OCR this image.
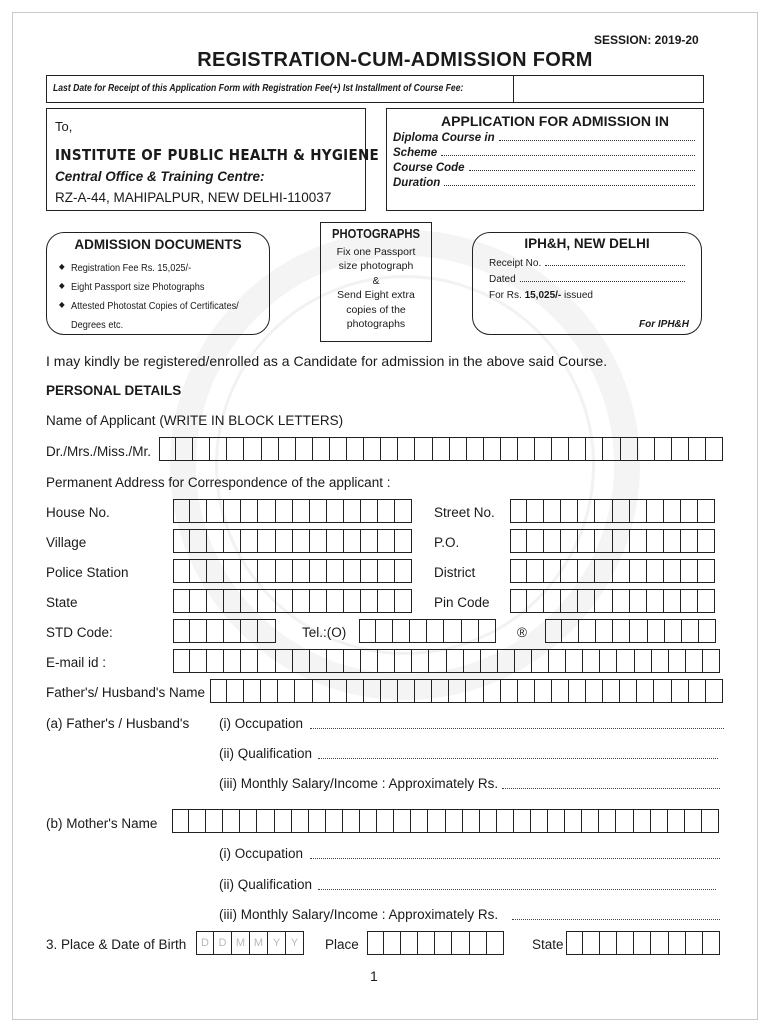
SESSION: 2019-20
REGISTRATION-CUM-ADMISSION FORM
Last Date for Receipt of this Application Form with Registration Fee(+) Ist Installment of Course Fee:
To,
INSTITUTE OF PUBLIC HEALTH & HYGIENE
Central Office & Training Centre:
RZ-A-44, MAHIPALPUR, NEW DELHI-110037
APPLICATION FOR ADMISSION IN
Diploma Course in
Scheme
Course Code
Duration
ADMISSION DOCUMENTS
◆ Registration Fee Rs. 15,025/-
◆ Eight Passport size Photographs
◆ Attested Photostat Copies of Certificates/
Degrees etc.
PHOTOGRAPHS
Fix one Passport
size photograph
&
Send Eight extra
copies of the
photographs
IPH&H, NEW DELHI
Receipt No.
Dated
For Rs.
15,025/-
issued
For IPH&H
I may kindly be registered/enrolled as a Candidate for admission in the above said Course.
PERSONAL DETAILS
Name of Applicant (WRITE IN BLOCK LETTERS)
Dr./Mrs./Miss./Mr.
Permanent Address for Correspondence of the applicant :
House No.	Street No.
Village	P.O.
Police Station	District
State	Pin Code
STD Code:	Tel.:(O)	®
E-mail id :
Father's/ Husband's Name
(a) Father's / Husband's (i) Occupation
(ii) Qualification
(iii) Monthly Salary/Income : Approximately Rs.
(b) Mother's Name
(i) Occupation
(ii) Qualification
(iii) Monthly Salary/Income : Approximately Rs.
3. Place & Date of Birth	D D M M Y Y	Place	State
1
